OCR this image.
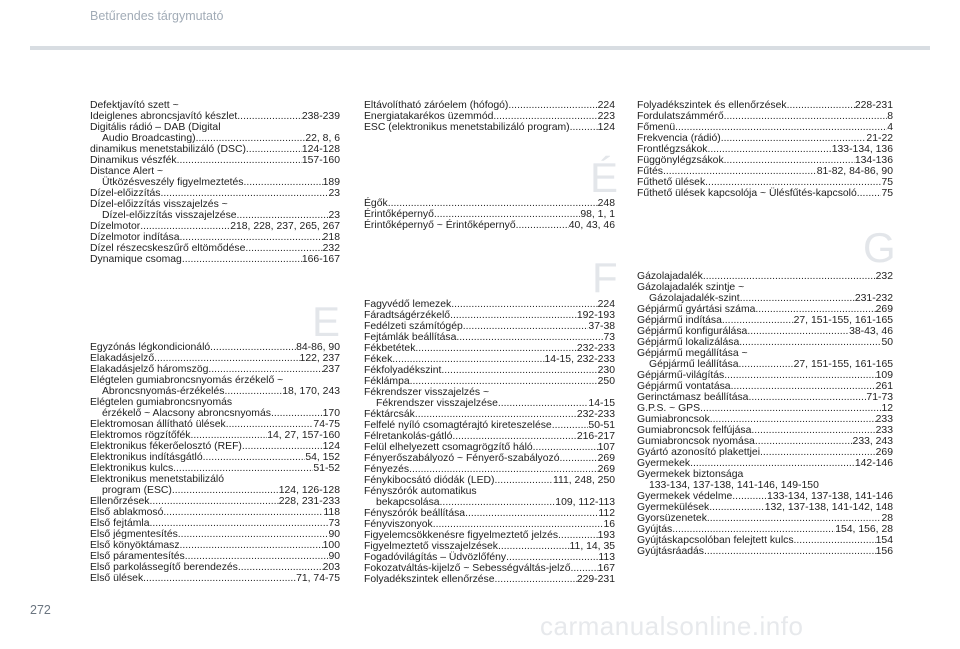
Betűrendes tárgymutató
Defektjavító szett ~
Ideiglenes abroncsjavító készlet .....	238-239
Digitális rádió – DAB (Digital
Audio Broadcasting) .....	22, 8, 6
dinamikus menetstabilizáló (DSC) .....	124-128
Dinamikus vészfék .....	157-160
Distance Alert ~
Ütközésveszély figyelmeztetés .....	189
Dízel-előizzítás .....	23
Dízel-előizzítás visszajelzés ~
Dízel-előizzítás visszajelzése .....	23
Dízelmotor .....	218, 228, 237, 265, 267
Dízelmotor indítása .....	218
Dízel részecskeszűrő eltömődése .....	232
Dynamique csomag .....	166-167
E
Egyzónás légkondicionáló .....	84-86, 90
Elakadásjelző .....	122, 237
Elakadásjelző háromszög .....	237
Elégtelen gumiabroncsnyomás érzékelő ~
Abroncsnyomás-érzékelés .....	18, 170, 243
Elégtelen gumiabroncsnyomás
érzékelő ~ Alacsony abroncsnyomás .....	170
Elektromosan állítható ülések .....	74-75
Elektromos rögzítőfék .....	14, 27, 157-160
Elektronikus fékerőelosztó (REF) .....	124
Elektronikus indításgátló .....	54, 152
Elektronikus kulcs .....	51-52
Elektronikus menetstabilizáló
program (ESC) .....	124, 126-128
Ellenőrzések .....	228, 231-233
Első ablakmosó .....	118
Első fejtámla .....	73
Első jégmentesítés .....	90
Első könyöktámasz .....	100
Első páramentesítés .....	90
Első parkolássegítő berendezés .....	203
Első ülések .....	71, 74-75
Eltávolítható záróelem (hófogó) .....	224
Energiatakarékos üzemmód .....	223
ESC (elektronikus menetstabilizáló program) .....	124
É
Égők .....	248
Érintőképernyő .....	98, 1, 1
Érintőképernyő ~ Érintőképernyő .....	40, 43, 46
F
Fagyvédő lemezek .....	224
Fáradtságérzékelő .....	192-193
Fedélzeti számítógép .....	37-38
Fejtámlák beállítása .....	73
Fékbetétek .....	232-233
Fékek .....	14-15, 232-233
Fékfolyadékszint .....	230
Féklámpa .....	250
Fékrendszer visszajelzés ~
Fékrendszer visszajelzése .....	14-15
Féktárcsák .....	232-233
Felfelé nyíló csomagtérajtó kireteszelése .....	50-51
Félretankolás-gátló .....	216-217
Felül elhelyezett csomagrögzítő háló .....	107
Fényerőszabályozó ~ Fényerő-szabályozó .....	269
Fényezés .....	269
Fénykibocsátó diódák (LED) .....	111, 248, 250
Fényszórók automatikus
bekapcsolása .....	109, 112-113
Fényszórók beállítása .....	112
Fényviszonyok .....	16
Figyelemcsökkenésre figyelmeztető jelzés .....	193
Figyelmeztető visszajelzések .....	11, 14, 35
Fogadóvilágítás – Üdvözlőfény .....	113
Fokozatváltás-kijelző ~ Sebességváltás-jelző .....	167
Folyadékszintek ellenőrzése .....	229-231
Folyadékszintek és ellenőrzések .....	228-231
Fordulatszámmérő .....	8
Főmenü .....	4
Frekvencia (rádió) .....	21-22
Frontlégzsákok .....	133-134, 136
Függönylégzsákok .....	134-136
Fűtés .....	81-82, 84-86, 90
Fűthető ülések .....	75
Fűthető ülések kapcsolója ~ Ülésfűtés-kapcsoló ..... 75
G
Gázolajadalék .....	232
Gázolajadalék szintje ~
Gázolajadalék-szint .....	231-232
Gépjármű gyártási száma .....	269
Gépjármű indítása .....	27, 151-155, 161-165
Gépjármű konfigurálása .....	38-43, 46
Gépjármű lokalizálása .....	50
Gépjármű megállítása ~
Gépjármű leállítása .....	27, 151-155, 161-165
Gépjármű-világítás .....	109
Gépjármű vontatása .....	261
Gerinctámasz beállítása .....	71-73
G.P.S. ~ GPS .....	12
Gumiabroncsok .....	233
Gumiabroncsok felfújása .....	233
Gumiabroncsok nyomása .....	233, 243
Gyártó azonosító plakettjei .....	269
Gyermekek .....	142-146
Gyermekek biztonsága
133-134, 137-138, 141-146, 149-150
Gyermekek védelme .....	133-134, 137-138, 141-146
Gyermekülések .....	132, 137-138, 141-142, 148
Gyorsüzenetek .....	28
Gyújtás .....	154, 156, 28
Gyújtáskapcsolóban felejtett kulcs .....	154
Gyújtásráadás .....	156
272
carmanualsonline.info
